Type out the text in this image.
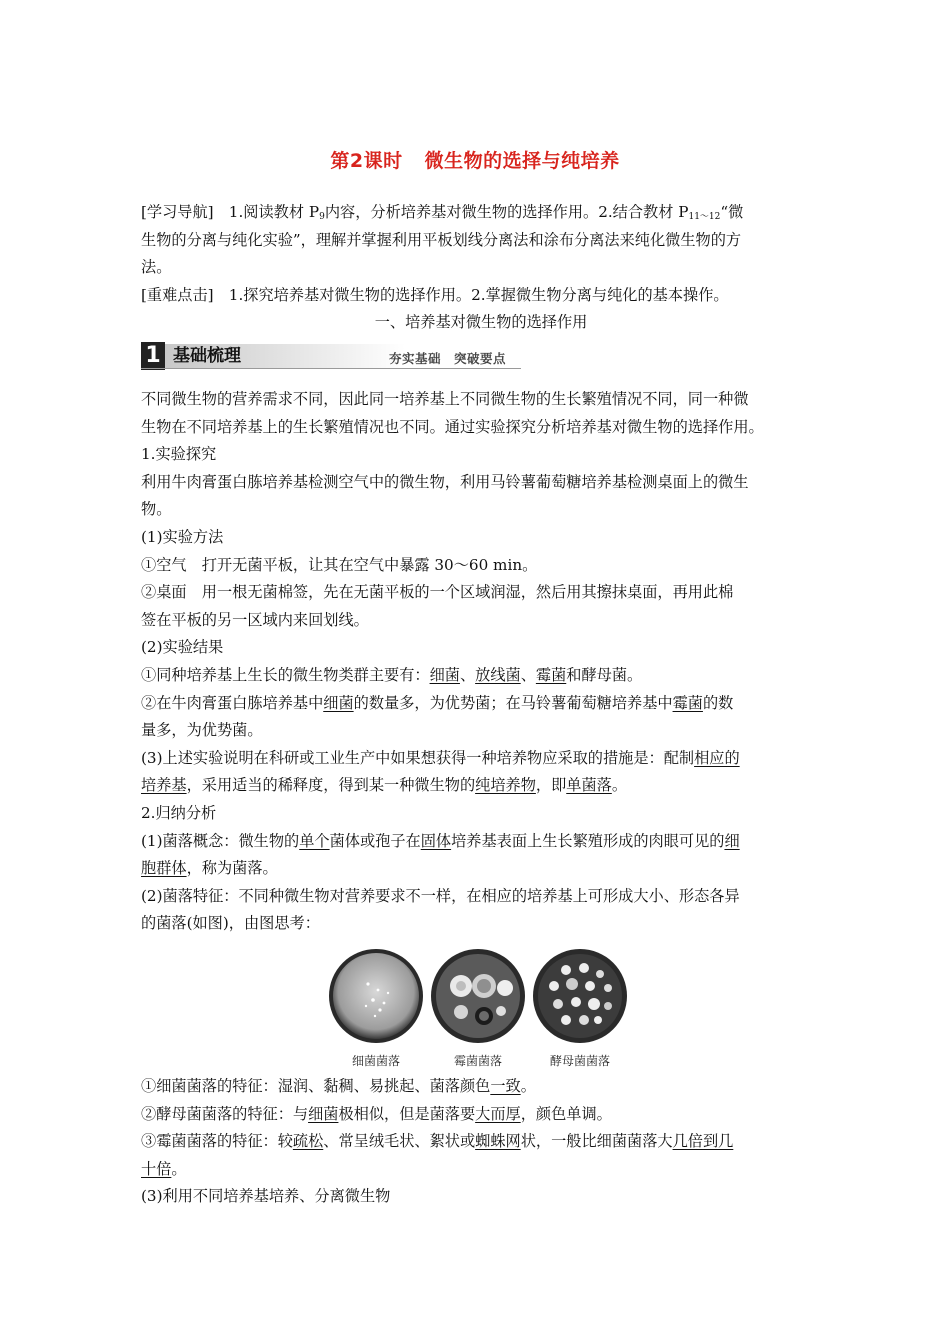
第2课时 微生物的选择与纯培养
[学习导航]　1.阅读教材 $P_9$内容，分析培养基对微生物的选择作用。2.结合教材 $P_{11\sim 12}“$微
生物的分离与纯化实验”，理解并掌握利用平板划线分离法和涂布分离法来纯化微生物的方
法。
[重难点击]　1.探究培养基对微生物的选择作用。2.掌握微生物分离与纯化的基本操作。
一、培养基对微生物的选择作用
1 基础梳理	夯实基础　突破要点
不同微生物的营养需求不同，因此同一培养基上不同微生物的生长繁殖情况不同，同一种微
生物在不同培养基上的生长繁殖情况也不同。通过实验探究分析培养基对微生物的选择作用。
1.实验探究
利用牛肉膏蛋白胨培养基检测空气中的微生物，利用马铃薯葡萄糖培养基检测桌面上的微生
物。
(1)实验方法
①空气　打开无菌平板，让其在空气中暴露 30～60 min。
②桌面　用一根无菌棉签，先在无菌平板的一个区域润湿，然后用其擦抹桌面，再用此棉
签在平板的另一区域内来回划线。
(2)实验结果
①同种培养基上生长的微生物类群主要有：细菌、放线菌、霉菌和酵母菌。
②在牛肉膏蛋白胨培养基中细菌的数量多，为优势菌；在马铃薯葡萄糖培养基中霉菌的数
量多，为优势菌。
(3)上述实验说明在科研或工业生产中如果想获得一种培养物应采取的措施是：配制相应的
培养基，采用适当的稀释度，得到某一种微生物的纯培养物，即单菌落。
2.归纳分析
(1)菌落概念：微生物的单个菌体或孢子在固体培养基表面上生长繁殖形成的肉眼可见的细
胞群体，称为菌落。
(2)菌落特征：不同种微生物对营养要求不一样，在相应的培养基上可形成大小、形态各异
的菌落(如图)，由图思考：
细菌菌落	霉菌菌落	酵母菌菌落
①细菌菌落的特征：湿润、黏稠、易挑起、菌落颜色一致。
②酵母菌菌落的特征：与细菌极相似，但是菌落要大而厚，颜色单调。
③霉菌菌落的特征：较疏松、常呈绒毛状、絮状或蜘蛛网状，一般比细菌菌落大几倍到几
十倍。
(3)利用不同培养基培养、分离微生物
